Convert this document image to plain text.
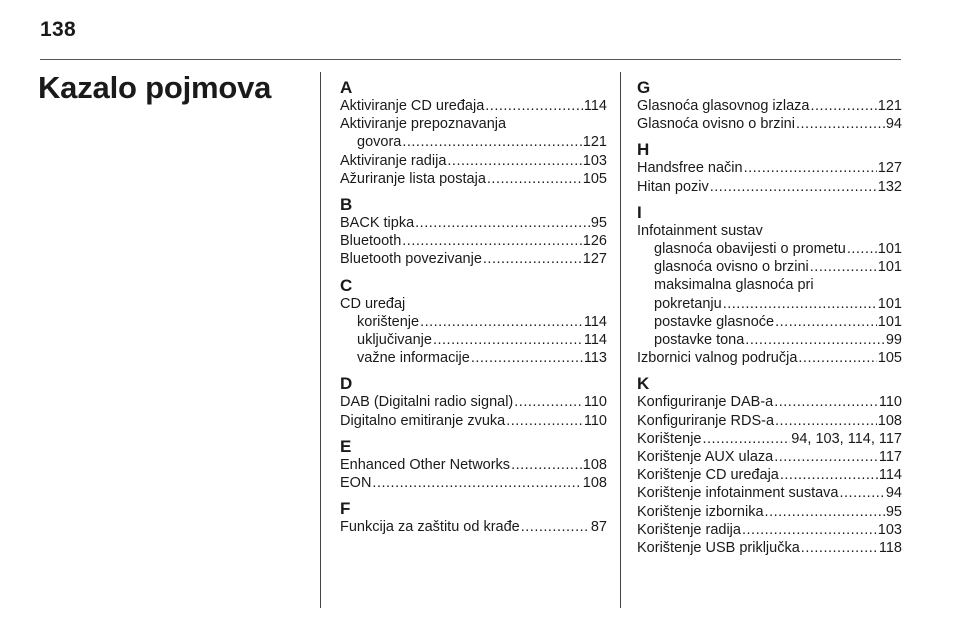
138
Kazalo pojmova	A
Aktiviranje CD uređaja .....	114
Aktiviranje prepoznavanja
govora .....	121
Aktiviranje radija .....	103
Ažuriranje lista postaja .....	105
B
BACK tipka .....	95
Bluetooth .....	126
Bluetooth povezivanje .....	127
C
CD uređaj
korištenje .....	114
uključivanje .....	114
važne informacije .....	113
D
DAB (Digitalni radio signal) .....	110
Digitalno emitiranje zvuka .....	110
E
Enhanced Other Networks .....	108
EON .....	108
F
Funkcija za zaštitu od krađe .....	87
G
Glasnoća glasovnog izlaza .....	121
Glasnoća ovisno o brzini .....	94
H
Handsfree način .....	127
Hitan poziv .....	132
I
Infotainment sustav
glasnoća obavijesti o prometu ..... 101
glasnoća ovisno o brzini .....	101
maksimalna glasnoća pri
pokretanju .....	101
postavke glasnoće .....	101
postavke tona .....	99
Izbornici valnog područja .....	105
K
Konfiguriranje DAB-a .....	110
Konfiguriranje RDS-a .....	108
Korištenje .....	94, 103, 114, 117
Korištenje AUX ulaza .....	117
Korištenje CD uređaja .....	114
Korištenje infotainment sustava .....	94
Korištenje izbornika .....	95
Korištenje radija .....	103
Korištenje USB priključka .....	118
